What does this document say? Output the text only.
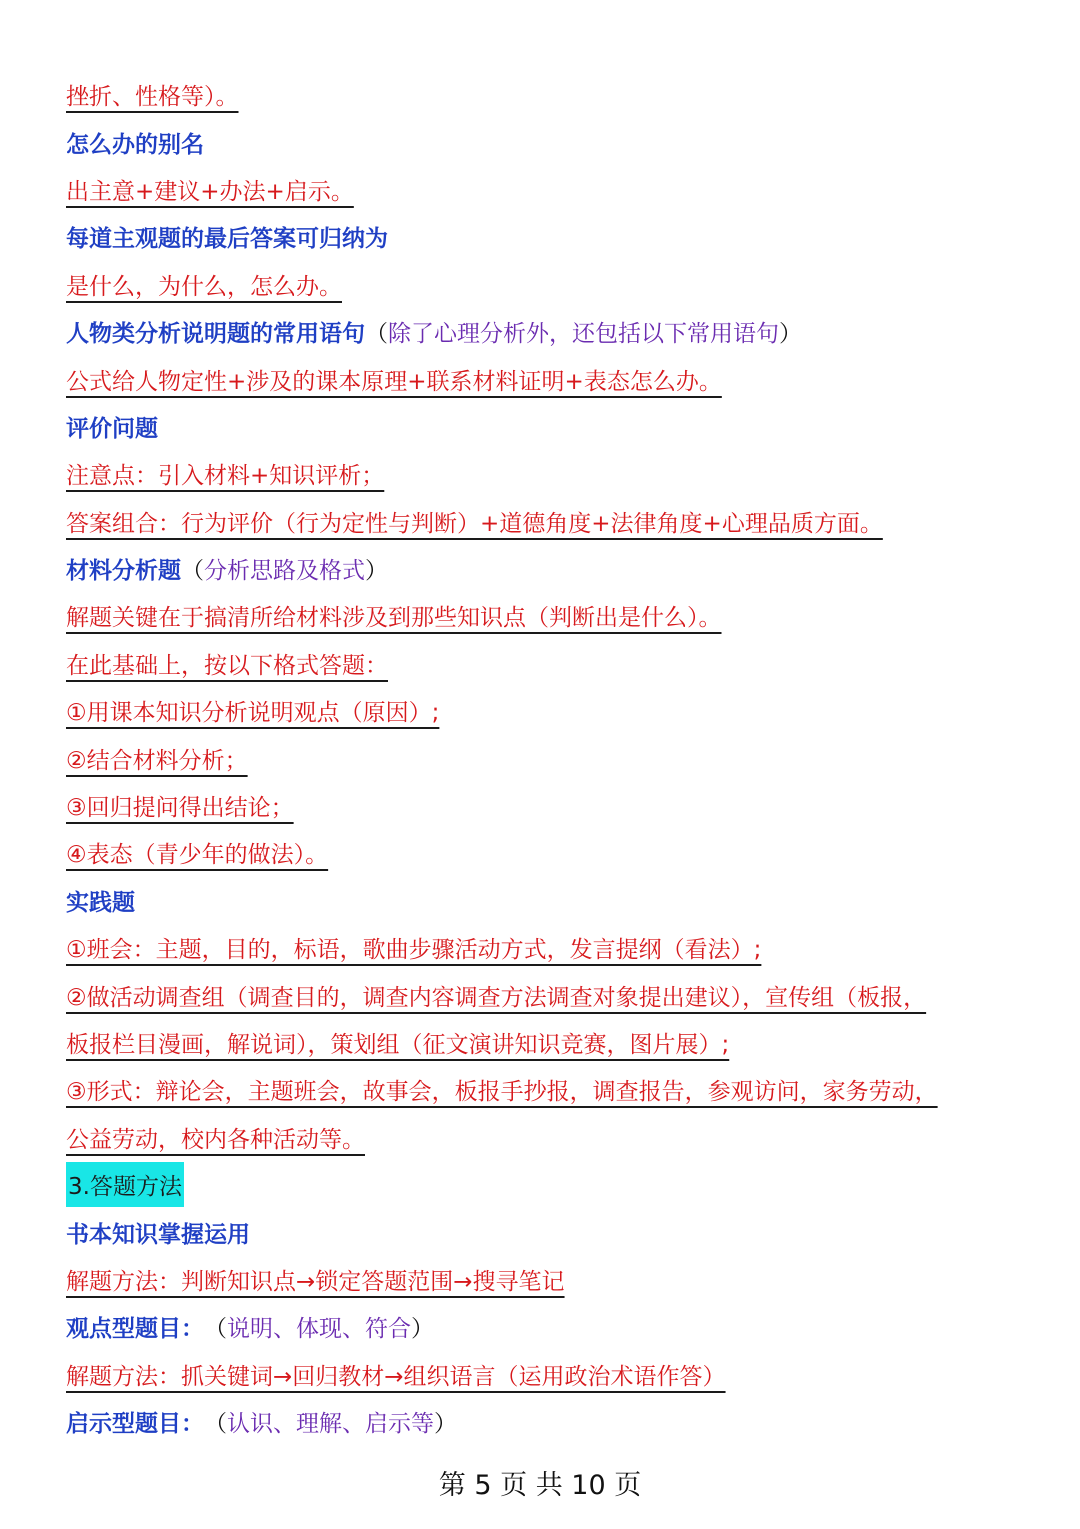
挫折、性格等）。
怎么办的别名
出主意+建议+办法+启示。
每道主观题的最后答案可归纳为
是什么，为什么，怎么办。
人物类分析说明题的常用语句 （ 除了心理分析外，还包括以下常用语句 ）
公式给人物定性+涉及的课本原理+联系材料证明+表态怎么办。
评价问题
注意点：引入材料+知识评析；
答案组合：行为评价（行为定性与判断）+道德角度+法律角度+心理品质方面。
材料分析题 （ 分析思路及格式 ）
解题关键在于搞清所给材料涉及到那些知识点（判断出是什么）。
在此基础上，按以下格式答题：
①用课本知识分析说明观点（原因）;
②结合材料分析；
③回归提问得出结论；
④表态（青少年的做法）。
实践题
①班会：主题，目的，标语，歌曲步骤活动方式，发言提纲（看法）;
②做活动调查组（调查目的，调查内容调查方法调查对象提出建议），宣传组（板报，
板报栏目漫画，解说词），策划组（征文演讲知识竞赛，图片展）;
③形式：辩论会，主题班会，故事会，板报手抄报，调查报告，参观访问，家务劳动，
公益劳动，校内各种活动等。
3.答题方法
书本知识掌握运用
解题方法：判断知识点→锁定答题范围→搜寻笔记
观点型题目： （ 说明、体现、符合 ）
解题方法：抓关键词→回归教材→组织语言（运用政治术语作答）
启示型题目： （ 认识、理解、启示等 ）
第 5 页 共 10 页
